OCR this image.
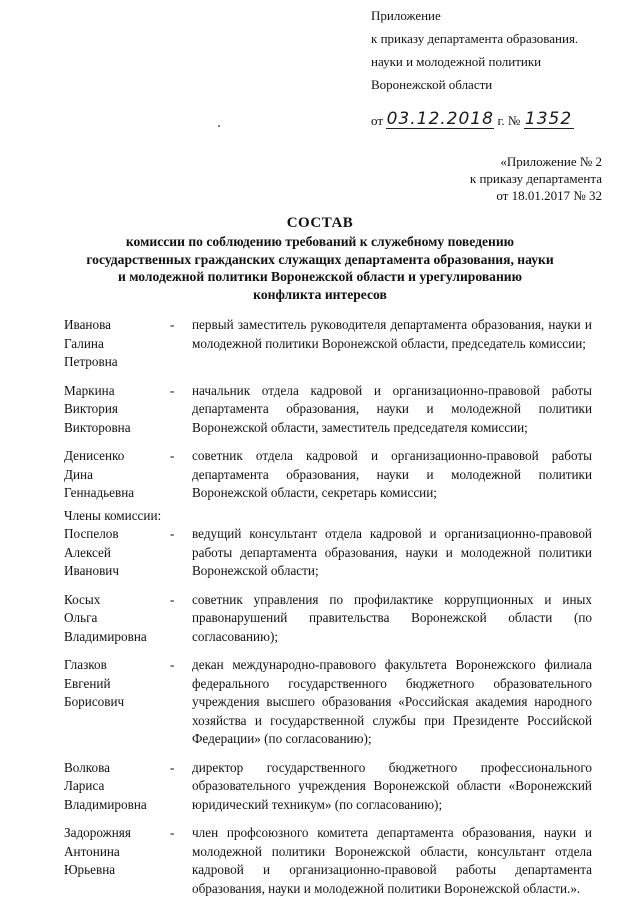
Приложение
к приказу департамента образования.
науки и молодежной политики
Воронежской области
от 03.12.2018 г. № 1352
«Приложение № 2
к приказу департамента
от 18.01.2017 № 32
СОСТАВ
комиссии по соблюдению требований к служебному поведению
государственных гражданских служащих департамента образования, науки
и молодежной политики Воронежской области и урегулированию
конфликта интересов
Иванова
Галина
Петровна
-	первый заместитель руководителя департамента образования, науки и молодежной политики Воронежской области, председатель комиссии;
Маркина
Виктория
Викторовна
-	начальник отдела кадровой и организационно-правовой работы департамента образования, науки и молодежной политики Воронежской области, заместитель председателя комиссии;
Денисенко
Дина
Геннадьевна
-	советник отдела кадровой и организационно-правовой работы департамента образования, науки и молодежной политики Воронежской области, секретарь комиссии;
Члены комиссии:
Поспелов
Алексей
Иванович
-	ведущий консультант отдела кадровой и организационно-правовой работы департамента образования, науки и молодежной политики Воронежской области;
Косых
Ольга
Владимировна
-	советник управления по профилактике коррупционных и иных правонарушений правительства Воронежской области (по согласованию);
Глазков
Евгений
Борисович
-	декан международно-правового факультета Воронежского филиала федерального государственного бюджетного образовательного учреждения высшего образования «Российская академия народного хозяйства и государственной службы при Президенте Российской Федерации» (по согласованию);
Волкова
Лариса
Владимировна
-	директор государственного бюджетного профессионального образовательного учреждения Воронежской области «Воронежский юридический техникум» (по согласованию);
Задорожняя
Антонина
Юрьевна
-	член профсоюзного комитета департамента образования, науки и молодежной политики Воронежской области, консультант отдела кадровой и организационно-правовой работы департамента образования, науки и молодежной политики Воронежской области.».
